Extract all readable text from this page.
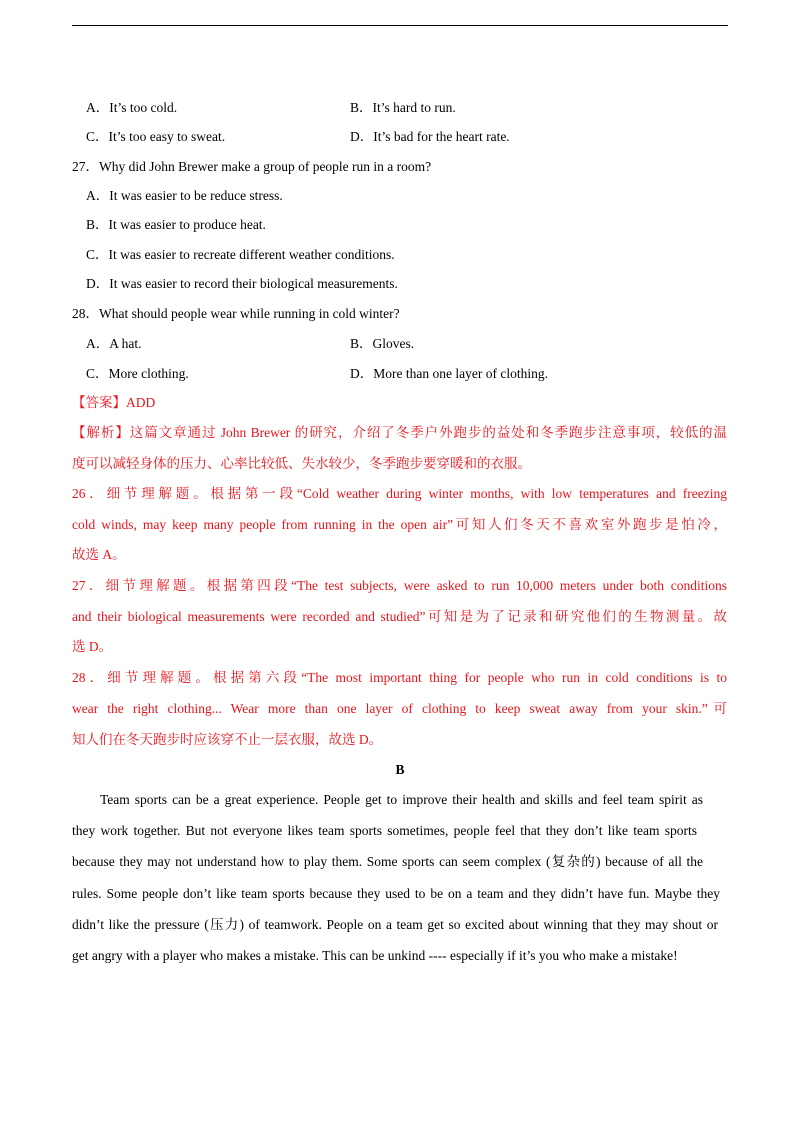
A．It’s too cold.	B．It’s hard to run.
C．It’s too easy to sweat.	D．It’s bad for the heart rate.
27．Why did John Brewer make a group of people run in a room?
A．It was easier to be reduce stress.
B．It was easier to produce heat.
C．It was easier to recreate different weather conditions.
D．It was easier to record their biological measurements.
28．What should people wear while running in cold winter?
A．A hat.	B．Gloves.
C．More clothing.	D．More than one layer of clothing.
【答案】ADD
【解析】这篇文章通过 John Brewer 的研究，介绍了冬季户外跑步的益处和冬季跑步注意事项，较低的温
度可以减轻身体的压力、心率比较低、失水较少，冬季跑步要穿暖和的衣服。
26．细节理解题。根据第一段“Cold weather during winter months, with low temperatures and freezing
cold winds, may keep many people from running in the open air”可知人们冬天不喜欢室外跑步是怕冷，
故选 A。
27．细节理解题。根据第四段“The test subjects, were asked to run 10,000 meters under both conditions
and their biological measurements were recorded and studied”可知是为了记录和研究他们的生物测量。故
选 D。
28．细节理解题。根据第六段“The most important thing for people who run in cold conditions is to
wear the right clothing... Wear more than one layer of clothing to keep sweat away from your skin.”可
知人们在冬天跑步时应该穿不止一层衣服，故选 D。
B
Team sports can be a great experience. People get to improve their health and skills and feel team spirit as
they work together. But not everyone likes team sports sometimes, people feel that they don’t like team sports
because they may not understand how to play them. Some sports can seem complex (复杂的) because of all the
rules. Some people don’t like team sports because they used to be on a team and they didn’t have fun. Maybe they
didn’t like the pressure (压力) of teamwork. People on a team get so excited about winning that they may shout or
get angry with a player who makes a mistake. This can be unkind ---- especially if it’s you who make a mistake!
